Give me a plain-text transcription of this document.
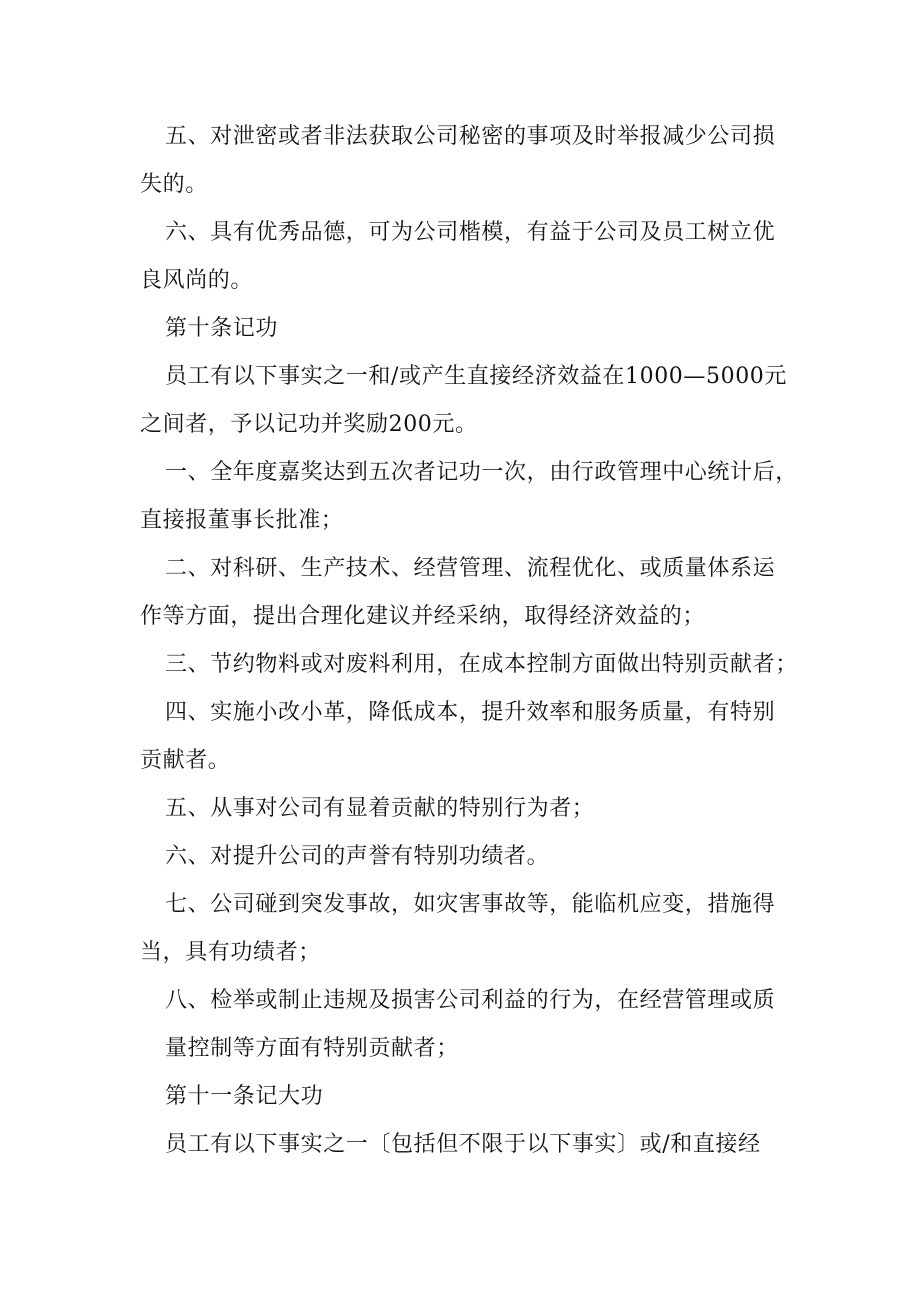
五、对泄密或者非法获取公司秘密的事项及时举报减少公司损
失的。
六、具有优秀品德，可为公司楷模，有益于公司及员工树立优
良风尚的。
第十条记功
员工有以下事实之一和/或产生直接经济效益在1000—5000元
之间者，予以记功并奖励200元。
一、全年度嘉奖达到五次者记功一次，由行政管理中心统计后，
直接报董事长批准；
二、对科研、生产技术、经营管理、流程优化、或质量体系运
作等方面，提出合理化建议并经采纳，取得经济效益的；
三、节约物料或对废料利用，在成本控制方面做出特别贡献者；
四、实施小改小革，降低成本，提升效率和服务质量，有特别
贡献者。
五、从事对公司有显着贡献的特别行为者；
六、对提升公司的声誉有特别功绩者。
七、公司碰到突发事故，如灾害事故等，能临机应变，措施得
当，具有功绩者；
八、检举或制止违规及损害公司利益的行为，在经营管理或质
量控制等方面有特别贡献者；
第十一条记大功
员工有以下事实之一〔包括但不限于以下事实〕或/和直接经
